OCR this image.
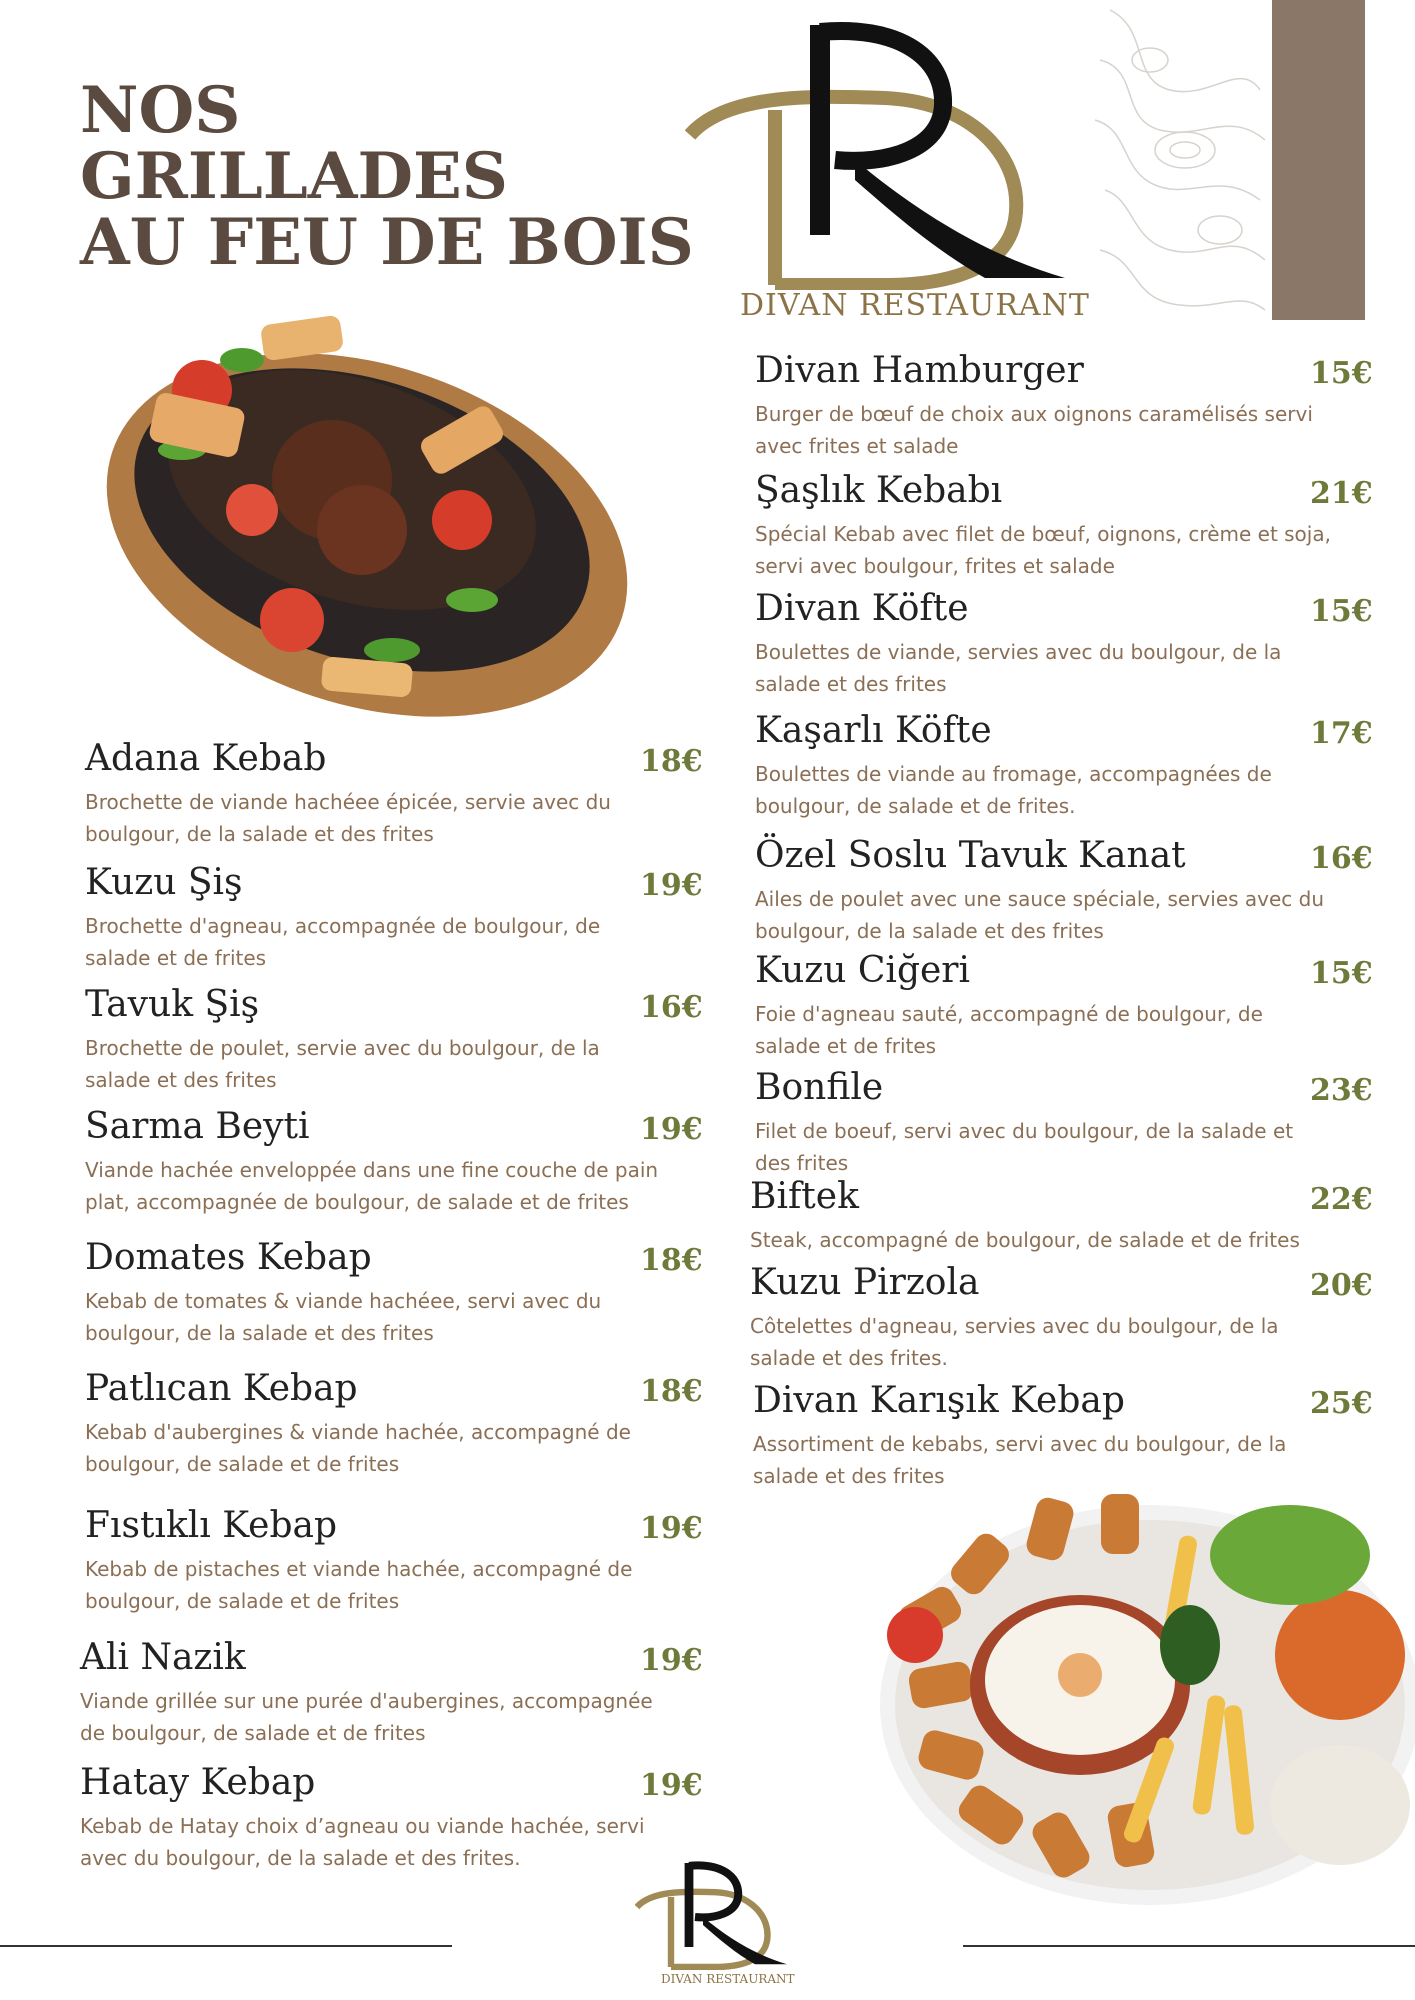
NOS
GRILLADES
AU FEU DE BOIS
DIVAN RESTAURANT
Adana Kebab	18€
Brochette de viande hachéee épicée, servie avec du
boulgour, de la salade et des frites
Kuzu Şiş	19€
Brochette d'agneau, accompagnée de boulgour, de
salade et de frites
Tavuk Şiş	16€
Brochette de poulet, servie avec du boulgour, de la
salade et des frites
Sarma Beyti	19€
Viande hachée enveloppée dans une fine couche de pain
plat, accompagnée de boulgour, de salade et de frites
Domates Kebap	18€
Kebab de tomates & viande hachéee, servi avec du
boulgour, de la salade et des frites
Patlıcan Kebap	18€
Kebab d'aubergines & viande hachée, accompagné de
boulgour, de salade et de frites
Fıstıklı Kebap	19€
Kebab de pistaches et viande hachée, accompagné de
boulgour, de salade et de frites
Ali Nazik	19€
Viande grillée sur une purée d'aubergines, accompagnée
de boulgour, de salade et de frites
Hatay Kebap	19€
Kebab de Hatay choix d’agneau ou viande hachée, servi
avec du boulgour, de la salade et des frites.
Divan Hamburger	15€
Burger de bœuf de choix aux oignons caramélisés servi
avec frites et salade
Şaşlık Kebabı	21€
Spécial Kebab avec filet de bœuf, oignons, crème et soja,
servi avec boulgour, frites et salade
Divan Köfte	15€
Boulettes de viande, servies avec du boulgour, de la
salade et des frites
Kaşarlı Köfte	17€
Boulettes de viande au fromage, accompagnées de
boulgour, de salade et de frites.
Özel Soslu Tavuk Kanat	16€
Ailes de poulet avec une sauce spéciale, servies avec du
boulgour, de la salade et des frites
Kuzu Ciğeri	15€
Foie d'agneau sauté, accompagné de boulgour, de
salade et de frites
Bonfile	23€
Filet de boeuf, servi avec du boulgour, de la salade et
des frites
Biftek	22€
Steak, accompagné de boulgour, de salade et de frites
Kuzu Pirzola	20€
Côtelettes d'agneau, servies avec du boulgour, de la
salade et des frites.
Divan Karışık Kebap	25€
Assortiment de kebabs, servi avec du boulgour, de la
salade et des frites
DIVAN RESTAURANT
